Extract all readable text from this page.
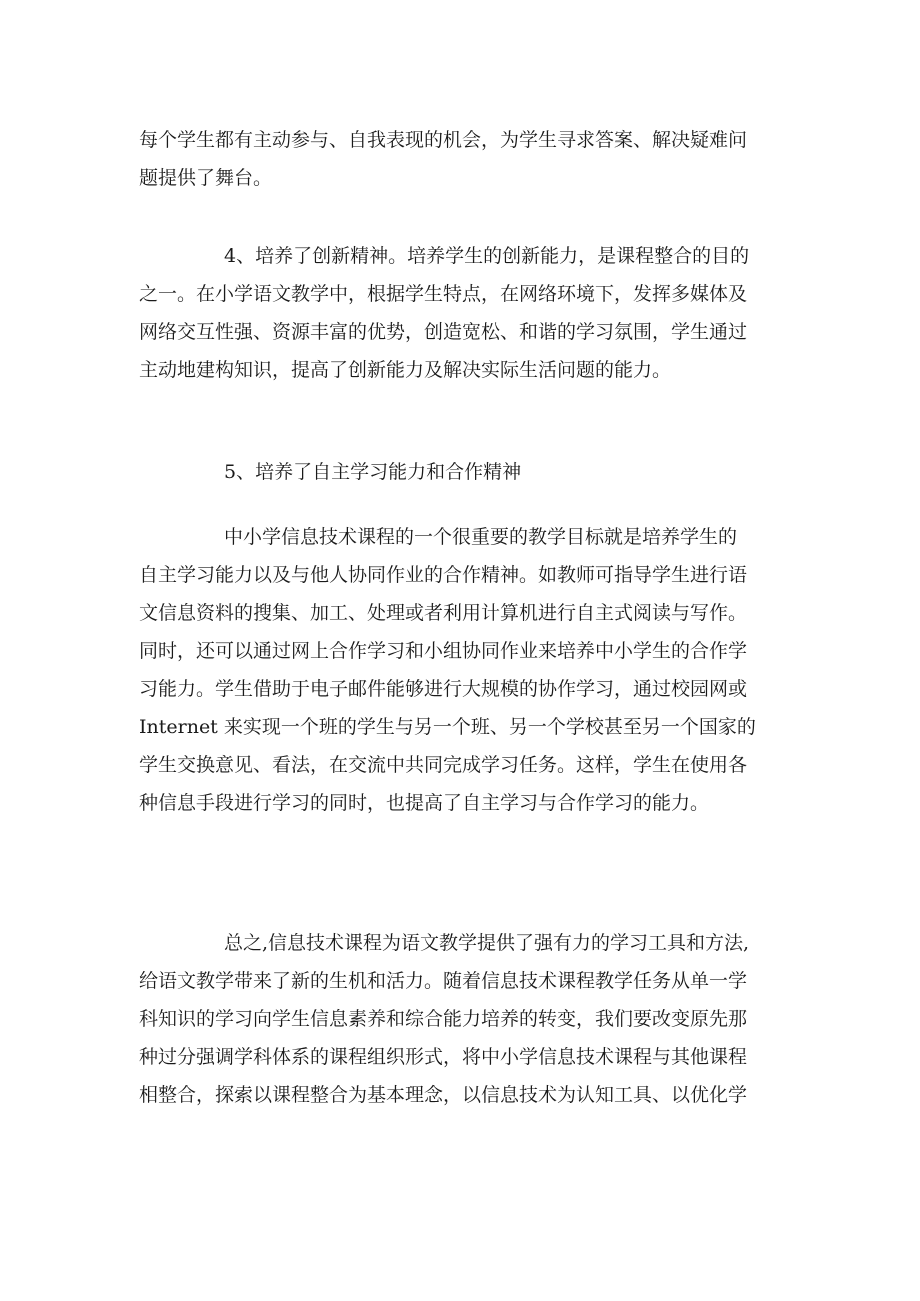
每个学生都有主动参与、自我表现的机会，为学生寻求答案、解决疑难问
题提供了舞台。
4、培养了创新精神。培养学生的创新能力，是课程整合的目的
之一。在小学语文教学中，根据学生特点，在网络环境下，发挥多媒体及
网络交互性强、资源丰富的优势，创造宽松、和谐的学习氛围，学生通过
主动地建构知识，提高了创新能力及解决实际生活问题的能力。
5、培养了自主学习能力和合作精神
中小学信息技术课程的一个很重要的教学目标就是培养学生的
自主学习能力以及与他人协同作业的合作精神。如教师可指导学生进行语
文信息资料的搜集、加工、处理或者利用计算机进行自主式阅读与写作。
同时，还可以通过网上合作学习和小组协同作业来培养中小学生的合作学
习能力。学生借助于电子邮件能够进行大规模的协作学习，通过校园网或
Internet 来实现一个班的学生与另一个班、另一个学校甚至另一个国家的
学生交换意见、看法，在交流中共同完成学习任务。这样，学生在使用各
种信息手段进行学习的同时，也提高了自主学习与合作学习的能力。
总之,信息技术课程为语文教学提供了强有力的学习工具和方法,
给语文教学带来了新的生机和活力。随着信息技术课程教学任务从单一学
科知识的学习向学生信息素养和综合能力培养的转变，我们要改变原先那
种过分强调学科体系的课程组织形式，将中小学信息技术课程与其他课程
相整合，探索以课程整合为基本理念，以信息技术为认知工具、以优化学
